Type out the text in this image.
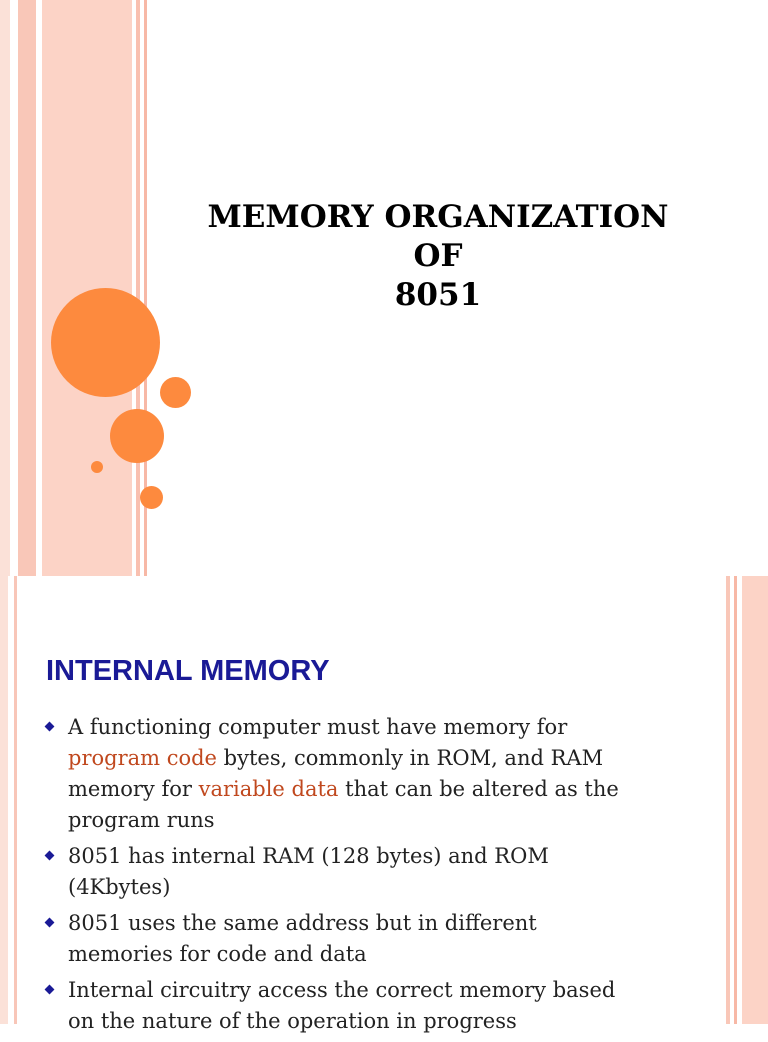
MEMORY ORGANIZATION
OF
8051
INTERNAL MEMORY
A functioning computer must have memory for program code bytes, commonly in ROM, and RAM memory for variable data that can be altered as the program runs
8051 has internal RAM (128 bytes) and ROM (4Kbytes)
8051 uses the same address but in different memories for code and data
Internal circuitry access the correct memory based on the nature of the operation in progress
